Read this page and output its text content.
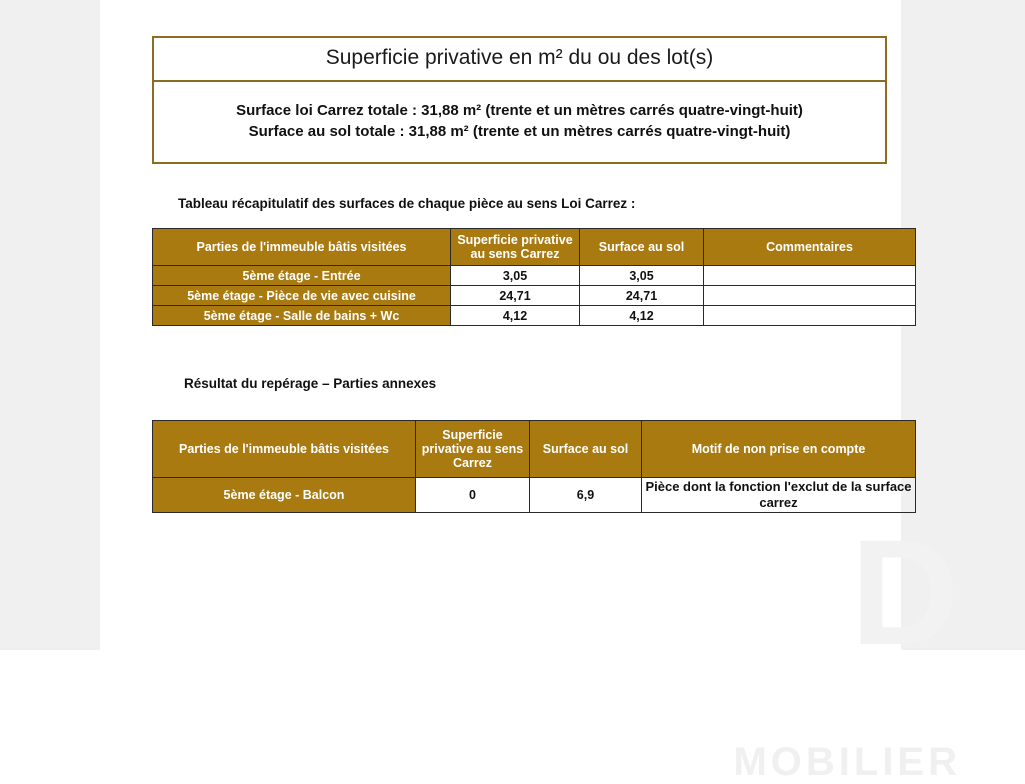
D
MOBILIER
Superficie privative en m² du ou des lot(s)
Surface loi Carrez totale : 31,88 m² (trente et un mètres carrés quatre-vingt-huit)
Surface au sol totale : 31,88 m² (trente et un mètres carrés quatre-vingt-huit)
Tableau récapitulatif des surfaces de chaque pièce au sens Loi Carrez :
Parties de l'immeuble bâtis visitées	Superficie privative au sens Carrez	Surface au sol	Commentaires
5ème étage - Entrée	3,05	3,05	
5ème étage - Pièce de vie avec cuisine	24,71	24,71	
5ème étage - Salle de bains + Wc	4,12	4,12	
Résultat du repérage – Parties annexes
Parties de l'immeuble bâtis visitées	Superficie privative au sens Carrez	Surface au sol	Motif de non prise en compte
5ème étage - Balcon	0	6,9	Pièce dont la fonction l'exclut de la surface carrez
